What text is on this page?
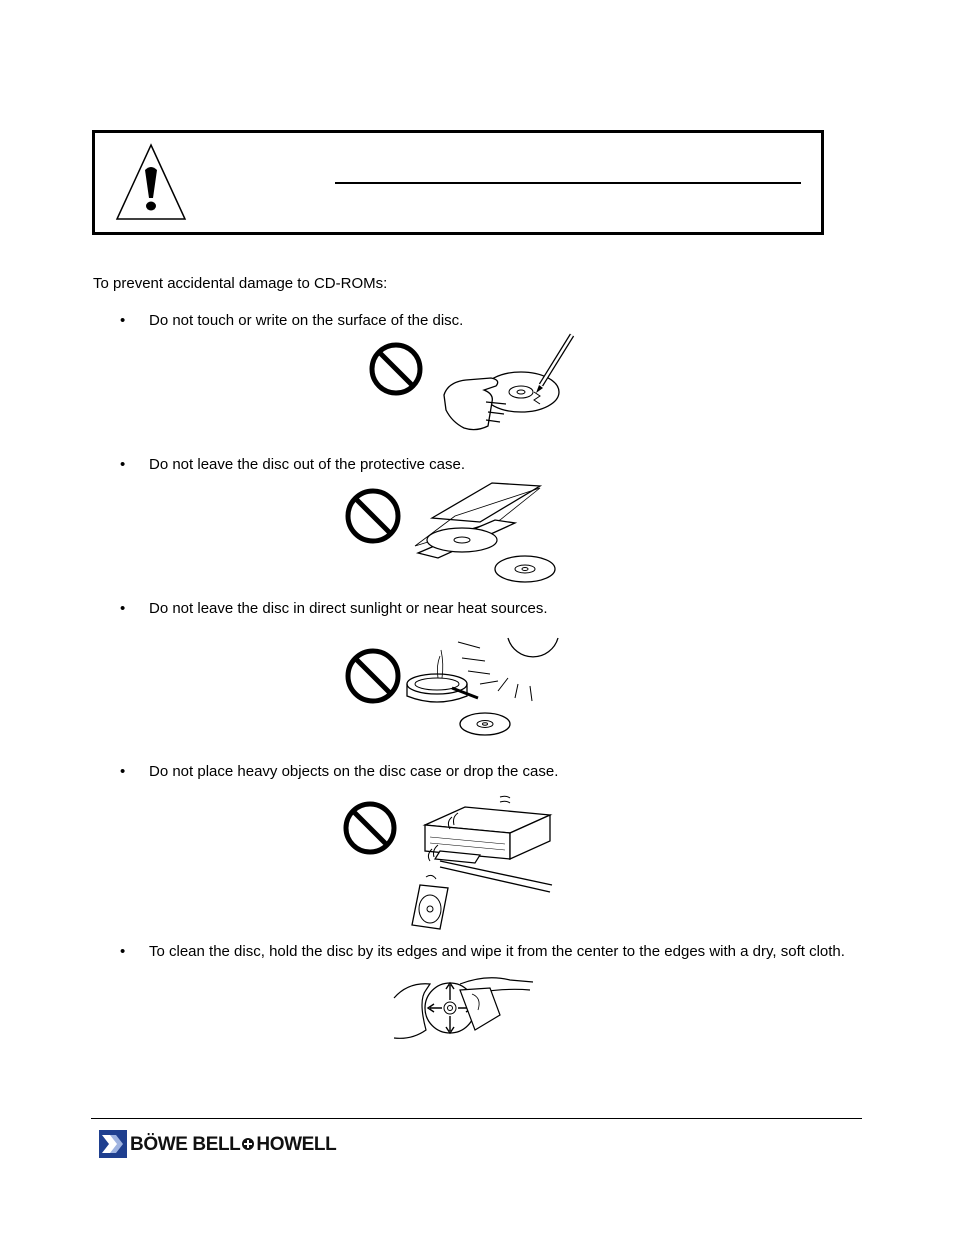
To prevent accidental damage to CD-ROMs:
• Do not touch or write on the surface of the disc.
• Do not leave the disc out of the protective case.
• Do not leave the disc in direct sunlight or near heat sources.
• Do not place heavy objects on the disc case or drop the case.
• To clean the disc, hold the disc by its edges and wipe it from the center to the edges with a dry, soft cloth.
BÖWE BELL HOWELL
